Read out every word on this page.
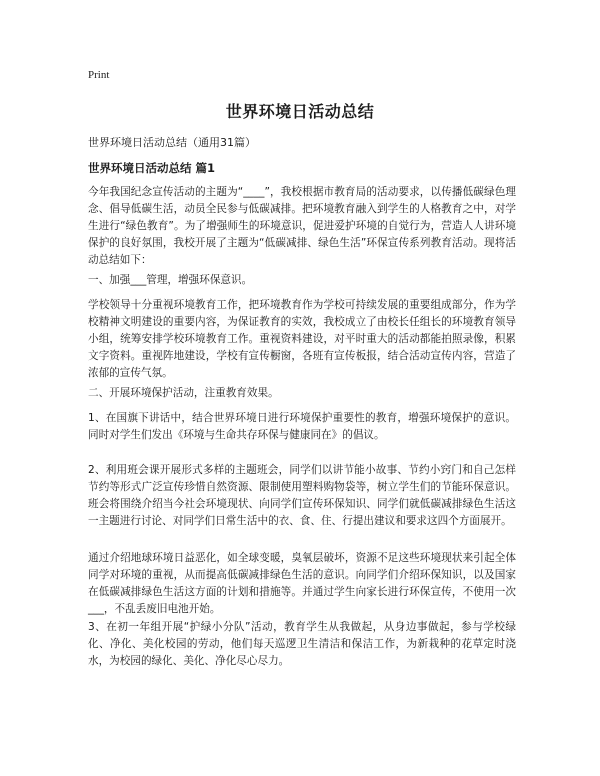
Print
世界环境日活动总结

世界环境日活动总结（通用31篇）

世界环境日活动总结 篇1

今年我国纪念宣传活动的主题为“____”，我校根据市教育局的活动要求，以传播低碳绿色理念、倡导低碳生活，动员全民参与低碳减排。把环境教育融入到学生的人格教育之中，对学生进行“绿色教育”。为了增强师生的环境意识，促进爱护环境的自觉行为，营造人人讲环境保护的良好氛围，我校开展了主题为“低碳减排、绿色生活”环保宣传系列教育活动。现将活动总结如下：

一、加强___管理，增强环保意识。

学校领导十分重视环境教育工作，把环境教育作为学校可持续发展的重要组成部分，作为学校精神文明建设的重要内容，为保证教育的实效，我校成立了由校长任组长的环境教育领导小组，统筹安排学校环境教育工作。重视资料建设，对平时重大的活动都能拍照录像，积累文字资料。重视阵地建设，学校有宣传橱窗，各班有宣传板报，结合活动宣传内容，营造了浓郁的宣传气氛。

二、开展环境保护活动，注重教育效果。

1、在国旗下讲话中，结合世界环境日进行环境保护重要性的教育，增强环境保护的意识。同时对学生们发出《环境与生命共存环保与健康同在》的倡议。

2、利用班会课开展形式多样的主题班会，同学们以讲节能小故事、节约小窍门和自己怎样节约等形式广泛宣传珍惜自然资源、限制使用塑料购物袋等，树立学生们的节能环保意识。班会将围绕介绍当今社会环境现状、向同学们宣传环保知识、同学们就低碳减排绿色生活这一主题进行讨论、对同学们日常生活中的衣、食、住、行提出建议和要求这四个方面展开。

通过介绍地球环境日益恶化，如全球变暖，臭氧层破坏，资源不足这些环境现状来引起全体同学对环境的重视，从而提高低碳减排绿色生活的意识。向同学们介绍环保知识，以及国家在低碳减排绿色生活这方面的计划和措施等。并通过学生向家长进行环保宣传，不使用一次___，不乱丢废旧电池开始。

3、在初一年组开展“护绿小分队”活动，教育学生从我做起，从身边事做起，参与学校绿化、净化、美化校园的劳动，他们每天巡逻卫生清洁和保洁工作，为新栽种的花草定时浇水，为校园的绿化、美化、净化尽心尽力。
